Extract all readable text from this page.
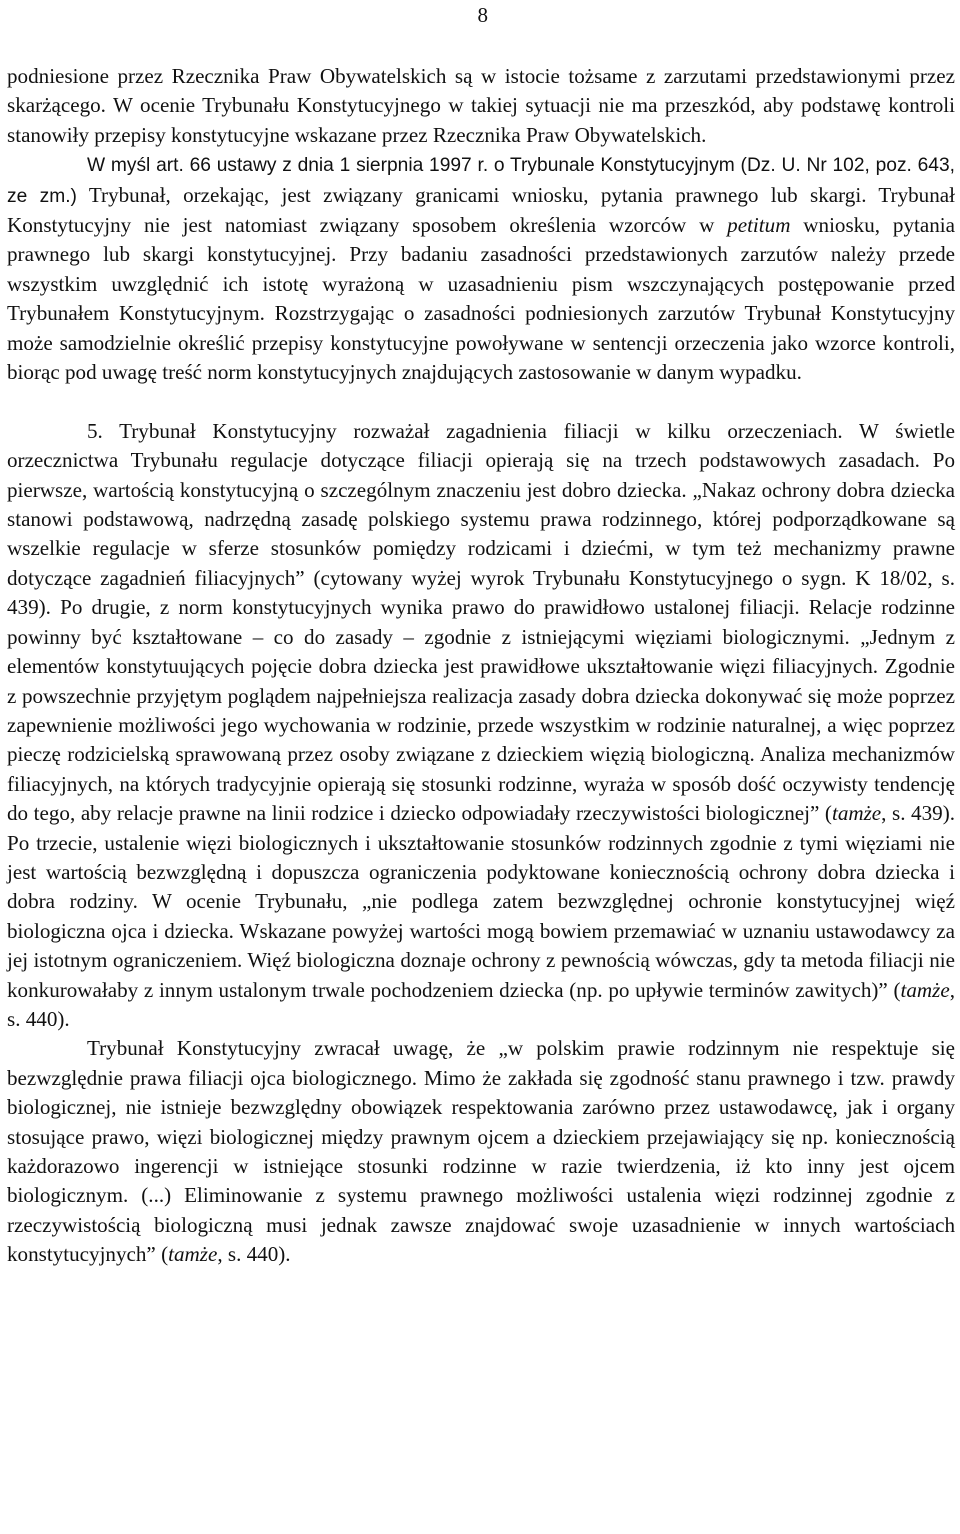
8

podniesione przez Rzecznika Praw Obywatelskich są w istocie tożsame z zarzutami przedstawionymi przez skarżącego. W ocenie Trybunału Konstytucyjnego w takiej sytuacji nie ma przeszkód, aby podstawę kontroli stanowiły przepisy konstytucyjne wskazane przez Rzecznika Praw Obywatelskich.

W myśl art. 66 ustawy z dnia 1 sierpnia 1997 r. o Trybunale Konstytucyjnym (Dz. U. Nr 102, poz. 643, ze zm.) Trybunał, orzekając, jest związany granicami wniosku, pytania prawnego lub skargi. Trybunał Konstytucyjny nie jest natomiast związany sposobem określenia wzorców w petitum wniosku, pytania prawnego lub skargi konstytucyjnej. Przy badaniu zasadności przedstawionych zarzutów należy przede wszystkim uwzględnić ich istotę wyrażoną w uzasadnieniu pism wszczynających postępowanie przed Trybunałem Konstytucyjnym. Rozstrzygając o zasadności podniesionych zarzutów Trybunał Konstytucyjny może samodzielnie określić przepisy konstytucyjne powoływane w sentencji orzeczenia jako wzorce kontroli, biorąc pod uwagę treść norm konstytucyjnych znajdujących zastosowanie w danym wypadku.

5. Trybunał Konstytucyjny rozważał zagadnienia filiacji w kilku orzeczeniach. W świetle orzecznictwa Trybunału regulacje dotyczące filiacji opierają się na trzech podstawowych zasadach. Po pierwsze, wartością konstytucyjną o szczególnym znaczeniu jest dobro dziecka. „Nakaz ochrony dobra dziecka stanowi podstawową, nadrzędną zasadę polskiego systemu prawa rodzinnego, której podporządkowane są wszelkie regulacje w sferze stosunków pomiędzy rodzicami i dziećmi, w tym też mechanizmy prawne dotyczące zagadnień filiacyjnych” (cytowany wyżej wyrok Trybunału Konstytucyjnego o sygn. K 18/02, s. 439). Po drugie, z norm konstytucyjnych wynika prawo do prawidłowo ustalonej filiacji. Relacje rodzinne powinny być kształtowane – co do zasady – zgodnie z istniejącymi więziami biologicznymi. „Jednym z elementów konstytuujących pojęcie dobra dziecka jest prawidłowe ukształtowanie więzi filiacyjnych. Zgodnie z powszechnie przyjętym poglądem najpełniejsza realizacja zasady dobra dziecka dokonywać się może poprzez zapewnienie możliwości jego wychowania w rodzinie, przede wszystkim w rodzinie naturalnej, a więc poprzez pieczę rodzicielską sprawowaną przez osoby związane z dzieckiem więzią biologiczną. Analiza mechanizmów filiacyjnych, na których tradycyjnie opierają się stosunki rodzinne, wyraża w sposób dość oczywisty tendencję do tego, aby relacje prawne na linii rodzice i dziecko odpowiadały rzeczywistości biologicznej” (tamże, s. 439). Po trzecie, ustalenie więzi biologicznych i ukształtowanie stosunków rodzinnych zgodnie z tymi więziami nie jest wartością bezwzględną i dopuszcza ograniczenia podyktowane koniecznością ochrony dobra dziecka i dobra rodziny. W ocenie Trybunału, „nie podlega zatem bezwzględnej ochronie konstytucyjnej więź biologiczna ojca i dziecka. Wskazane powyżej wartości mogą bowiem przemawiać w uznaniu ustawodawcy za jej istotnym ograniczeniem. Więź biologiczna doznaje ochrony z pewnością wówczas, gdy ta metoda filiacji nie konkurowałaby z innym ustalonym trwale pochodzeniem dziecka (np. po upływie terminów zawitych)” (tamże, s. 440).

Trybunał Konstytucyjny zwracał uwagę, że „w polskim prawie rodzinnym nie respektuje się bezwzględnie prawa filiacji ojca biologicznego. Mimo że zakłada się zgodność stanu prawnego i tzw. prawdy biologicznej, nie istnieje bezwzględny obowiązek respektowania zarówno przez ustawodawcę, jak i organy stosujące prawo, więzi biologicznej między prawnym ojcem a dzieckiem przejawiający się np. koniecznością każdorazowo ingerencji w istniejące stosunki rodzinne w razie twierdzenia, iż kto inny jest ojcem biologicznym. (...) Eliminowanie z systemu prawnego możliwości ustalenia więzi rodzinnej zgodnie z rzeczywistością biologiczną musi jednak zawsze znajdować swoje uzasadnienie w innych wartościach konstytucyjnych” (tamże, s. 440).
